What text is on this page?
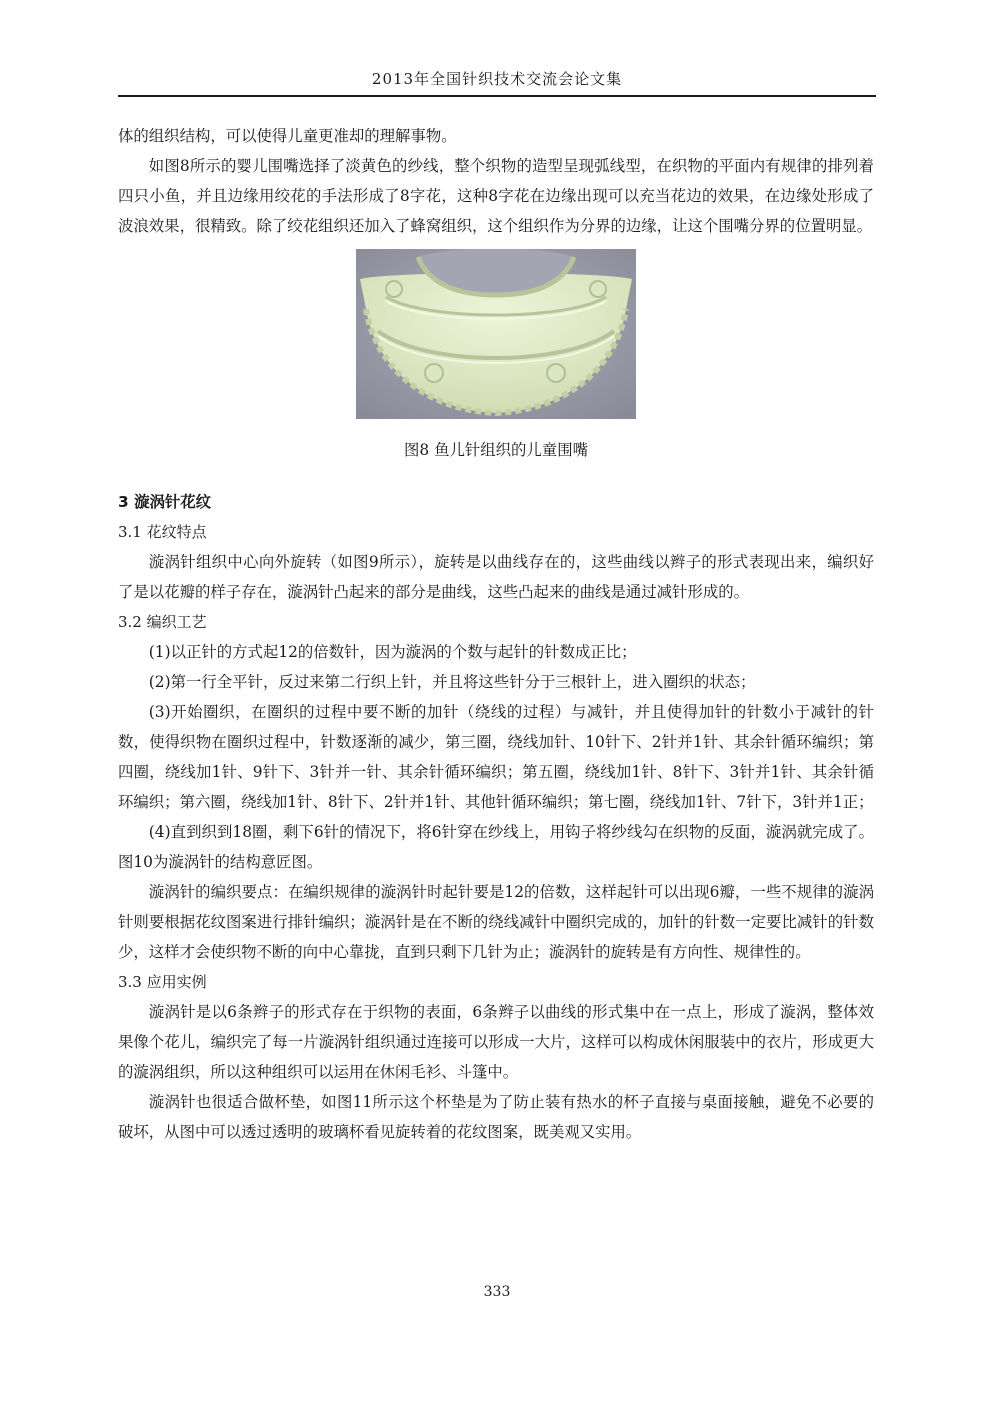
2013年全国针织技术交流会论文集

体的组织结构，可以使得儿童更准却的理解事物。

如图8所示的婴儿围嘴选择了淡黄色的纱线，整个织物的造型呈现弧线型，在织物的平面内有规律的排列着四只小鱼，并且边缘用绞花的手法形成了8字花，这种8字花在边缘出现可以充当花边的效果，在边缘处形成了波浪效果，很精致。除了绞花组织还加入了蜂窝组织，这个组织作为分界的边缘，让这个围嘴分界的位置明显。

图8 鱼儿针组织的儿童围嘴

3 漩涡针花纹

3.1 花纹特点

漩涡针组织中心向外旋转（如图9所示），旋转是以曲线存在的，这些曲线以辫子的形式表现出来，编织好了是以花瓣的样子存在，漩涡针凸起来的部分是曲线，这些凸起来的曲线是通过减针形成的。

3.2 编织工艺

(1)以正针的方式起12的倍数针，因为漩涡的个数与起针的针数成正比；

(2)第一行全平针，反过来第二行织上针，并且将这些针分于三根针上，进入圈织的状态；

(3)开始圈织，在圈织的过程中要不断的加针（绕线的过程）与减针，并且使得加针的针数小于减针的针数，使得织物在圈织过程中，针数逐渐的减少，第三圈，绕线加针、10针下、2针并1针、其余针循环编织；第四圈，绕线加1针、9针下、3针并一针、其余针循环编织；第五圈，绕线加1针、8针下、3针并1针、其余针循环编织；第六圈，绕线加1针、8针下、2针并1针、其他针循环编织；第七圈，绕线加1针、7针下，3针并1正；

(4)直到织到18圈，剩下6针的情况下，将6针穿在纱线上，用钩子将纱线勾在织物的反面，漩涡就完成了。图10为漩涡针的结构意匠图。

漩涡针的编织要点：在编织规律的漩涡针时起针要是12的倍数，这样起针可以出现6瓣，一些不规律的漩涡针则要根据花纹图案进行排针编织；漩涡针是在不断的绕线减针中圈织完成的，加针的针数一定要比减针的针数少，这样才会使织物不断的向中心靠拢，直到只剩下几针为止；漩涡针的旋转是有方向性、规律性的。

3.3 应用实例

漩涡针是以6条辫子的形式存在于织物的表面，6条辫子以曲线的形式集中在一点上，形成了漩涡，整体效果像个花儿，编织完了每一片漩涡针组织通过连接可以形成一大片，这样可以构成休闲服装中的衣片，形成更大的漩涡组织，所以这种组织可以运用在休闲毛衫、斗篷中。

漩涡针也很适合做杯垫，如图11所示这个杯垫是为了防止装有热水的杯子直接与桌面接触，避免不必要的破坏，从图中可以透过透明的玻璃杯看见旋转着的花纹图案，既美观又实用。

333
